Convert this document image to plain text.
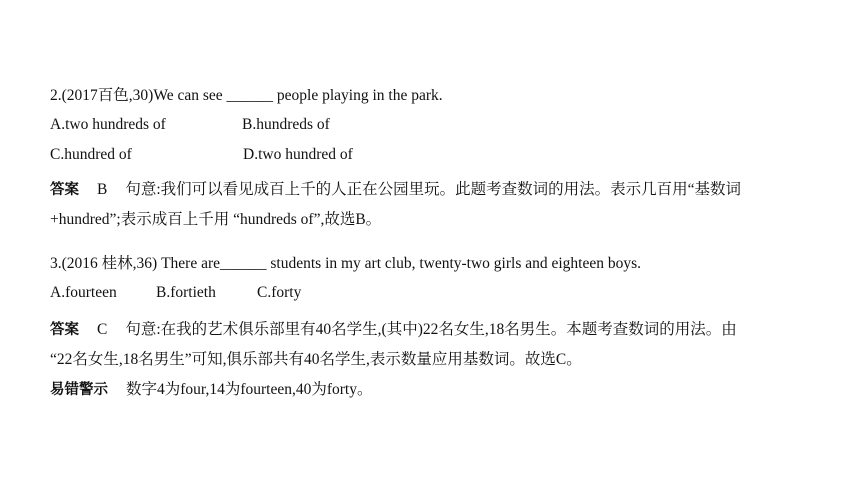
2.(2017百色,30)We can see ______ people playing in the park.
A.two hundreds of	B.hundreds of
C.hundred of	D.two hundred of
答案 B 句意:我们可以看见成百上千的人正在公园里玩。此题考查数词的用法。表示几百用“基数词
+hundred”;表示成百上千用 “hundreds of”,故选B。
3.(2016 桂林,36) There are______ students in my art club, twenty-two girls and eighteen boys.
A.fourteen	B.fortieth	C.forty
答案 C 句意:在我的艺术俱乐部里有40名学生,(其中)22名女生,18名男生。本题考查数词的用法。由
“22名女生,18名男生”可知,俱乐部共有40名学生,表示数量应用基数词。故选C。
易错警示 数字4为four,14为fourteen,40为forty。
